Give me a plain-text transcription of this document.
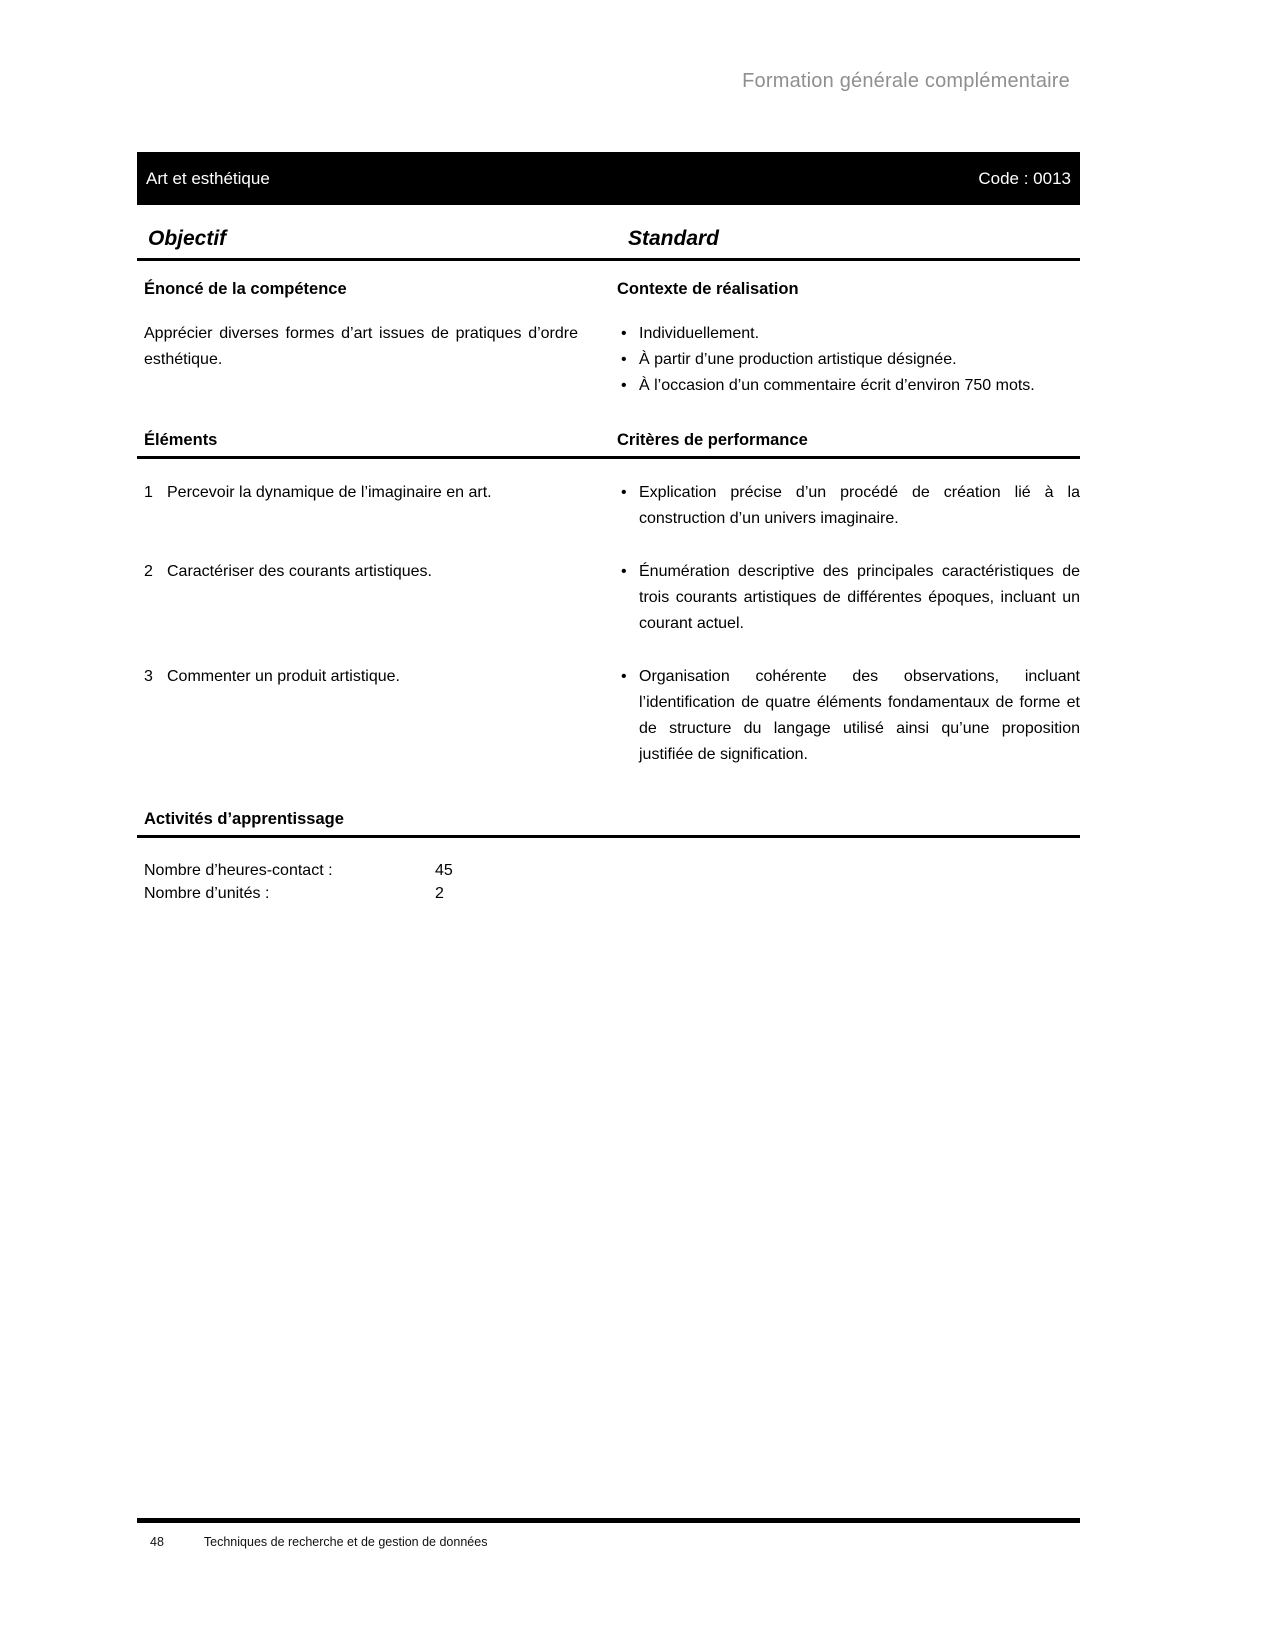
Formation générale complémentaire
Art et esthétique	Code : 0013
Objectif	Standard
Énoncé de la compétence	Contexte de réalisation
Apprécier diverses formes d’art issues de pratiques d’ordre esthétique.
• Individuellement.
• À partir d’une production artistique désignée.
• À l’occasion d’un commentaire écrit d’environ 750 mots.
Éléments	Critères de performance
1 Percevoir la dynamique de l’imaginaire en art.	• Explication précise d’un procédé de création lié à la construction d’un univers imaginaire.
2 Caractériser des courants artistiques.	• Énumération descriptive des principales caractéristiques de trois courants artistiques de différentes époques, incluant un courant actuel.
3 Commenter un produit artistique.	• Organisation cohérente des observations, incluant l’identification de quatre éléments fondamentaux de forme et de structure du langage utilisé ainsi qu’une proposition justifiée de signification.
Activités d’apprentissage
Nombre d’heures-contact :	45
Nombre d’unités :	2
48	Techniques de recherche et de gestion de données
